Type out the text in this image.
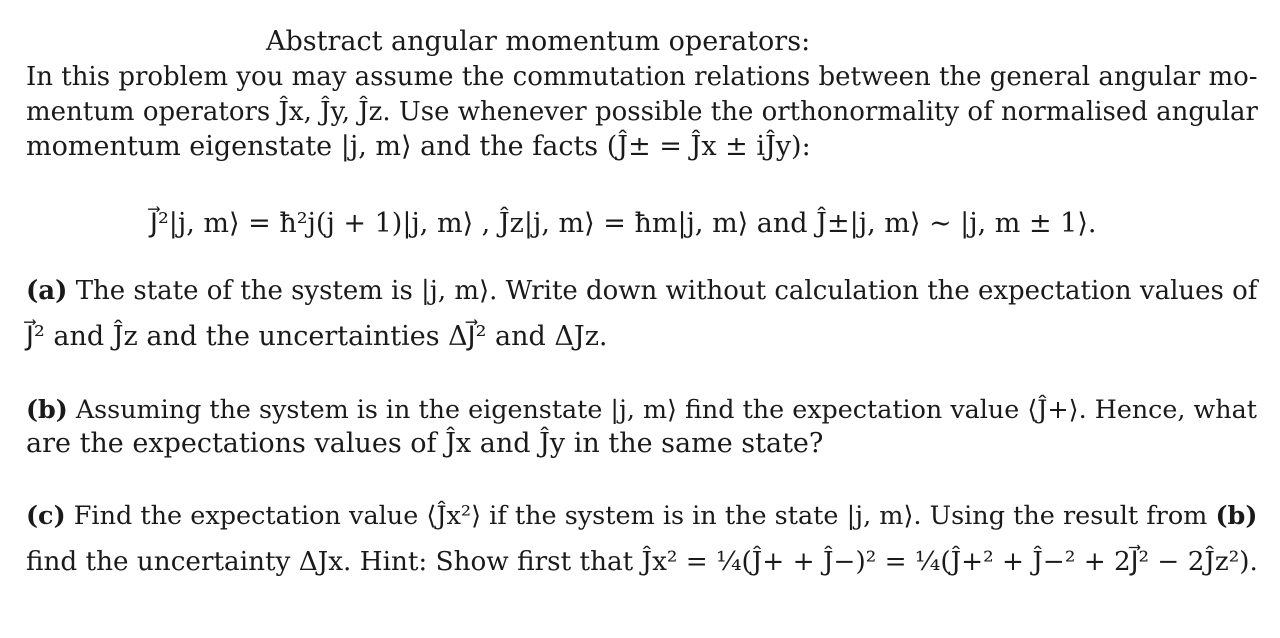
Abstract angular momentum operators:
In this problem you may assume the commutation relations between the general angular mo-
mentum operators Ĵx, Ĵy, Ĵz. Use whenever possible the orthonormality of normalised angular
momentum eigenstate |j, m⟩ and the facts (Ĵ± = Ĵx ± iĴy):
J⃗²|j, m⟩ = ħ²j(j + 1)|j, m⟩ , Ĵz|j, m⟩ = ħm|j, m⟩ and Ĵ±|j, m⟩ ∼ |j, m ± 1⟩.
(a) The state of the system is |j, m⟩. Write down without calculation the expectation values of
J⃗² and Ĵz and the uncertainties ΔJ⃗² and ΔJz.
(b) Assuming the system is in the eigenstate |j, m⟩ find the expectation value ⟨Ĵ+⟩. Hence, what
are the expectations values of Ĵx and Ĵy in the same state?
(c) Find the expectation value ⟨Ĵx²⟩ if the system is in the state |j, m⟩. Using the result from (b)
find the uncertainty ΔJx. Hint: Show first that Ĵx² = ¼(Ĵ+ + Ĵ−)² = ¼(Ĵ+² + Ĵ−² + 2J⃗² − 2Ĵz²).
